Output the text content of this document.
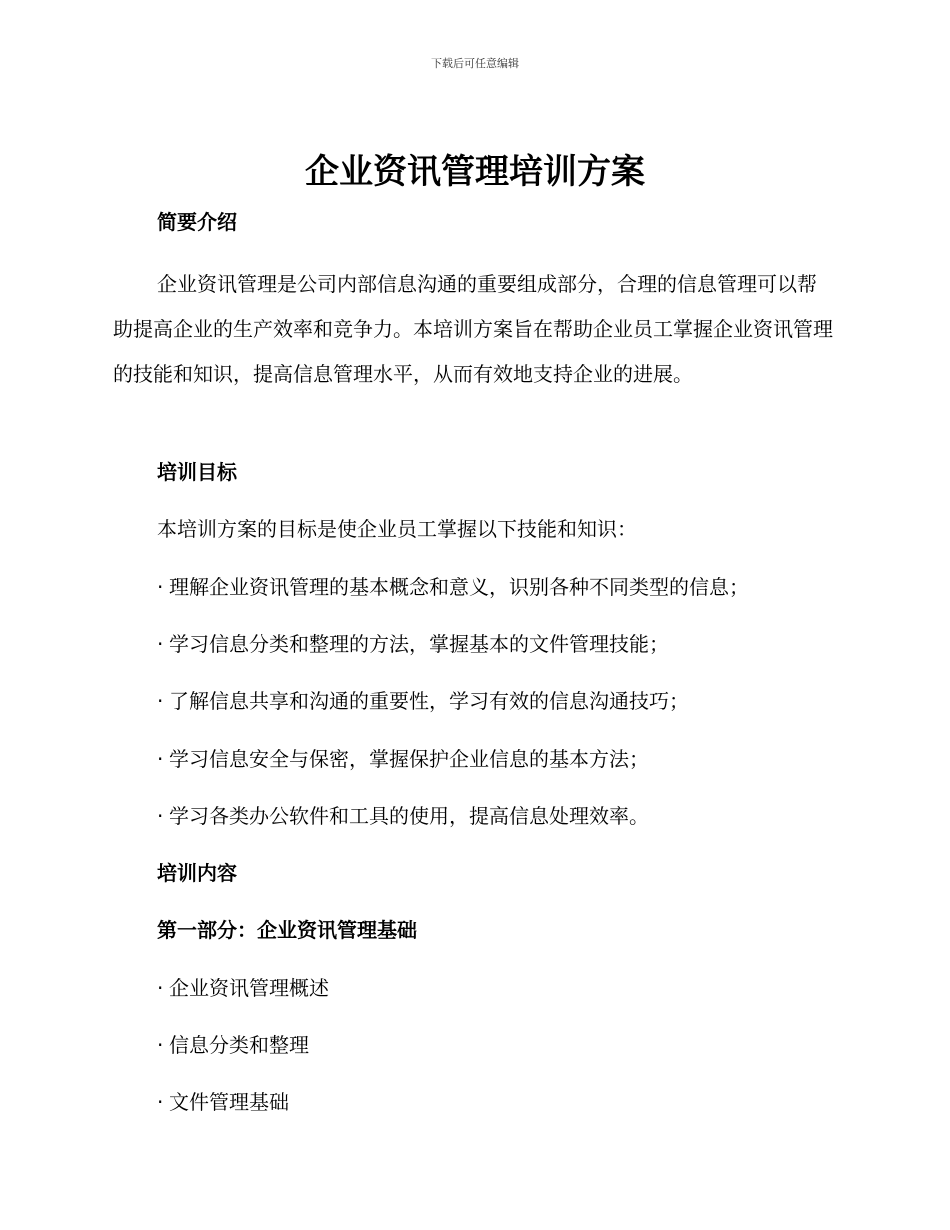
下载后可任意编辑
企业资讯管理培训方案
简要介绍

企业资讯管理是公司内部信息沟通的重要组成部分，合理的信息管理可以帮助提高企业的生产效率和竞争力。本培训方案旨在帮助企业员工掌握企业资讯管理的技能和知识，提高信息管理水平，从而有效地支持企业的进展。

培训目标

本培训方案的目标是使企业员工掌握以下技能和知识：

· 理解企业资讯管理的基本概念和意义，识别各种不同类型的信息；
· 学习信息分类和整理的方法，掌握基本的文件管理技能；
· 了解信息共享和沟通的重要性，学习有效的信息沟通技巧；
· 学习信息安全与保密，掌握保护企业信息的基本方法；
· 学习各类办公软件和工具的使用，提高信息处理效率。
培训内容
第一部分：企业资讯管理基础
· 企业资讯管理概述
· 信息分类和整理
· 文件管理基础
